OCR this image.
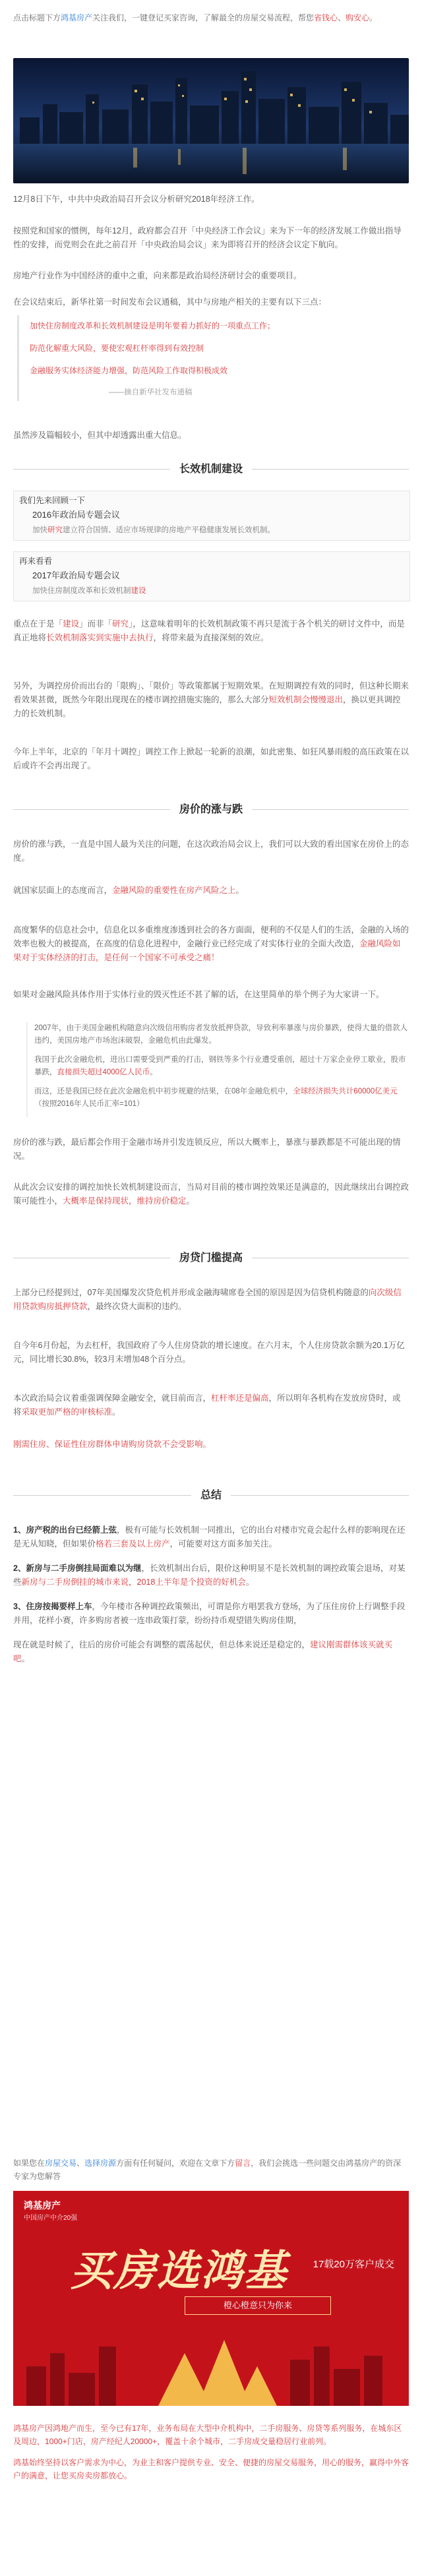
点击标题下方鸿基房产关注我们，一键登记买家咨询，了解最全的房屋交易流程，帮您省钱心、购安心。
12月8日下午，中共中央政治局召开会议分析研究2018年经济工作。
按照党和国家的惯例，每年12月，政府都会召开「中央经济工作会议」来为下一年的经济发展工作做出指导性的安排，而党则会在此之前召开「中央政治局会议」来为即将召开的经济会议定下航向。
房地产行业作为中国经济的重中之重，向来都是政治局经济研讨会的重要项目。
在会议结束后，新华社第一时间发布会议通稿，其中与房地产相关的主要有以下三点：

加快住房制度改革和长效机制建设是明年要着力抓好的一项重点工作；

防范化解重大风险，要使宏观杠杆率得到有效控制

金融服务实体经济能力增强，防范风险工作取得积极成效

——摘自新华社发布通稿
虽然涉及篇幅较小，但其中却透露出重大信息。
长效机制建设
我们先来回顾一下
2016年政治局专题会议
加快研究建立符合国情、适应市场规律的房地产平稳健康发展长效机制。
再来看看
2017年政治局专题会议
加快住房制度改革和长效机制建设
重点在于是「建设」而非「研究」，这意味着明年的长效机制政策不再只是流于各个机关的研讨文件中，而是真正地将长效机制落实到实施中去执行，将带来最为直接深刻的效应。
另外，为调控房价而出台的「限购」、「限价」等政策都属于短期效果。在短期调控有效的同时，但这种长期来看效果甚微，既然今年限出现现在的楼市调控措施实施的，那么大部分短效机制会慢慢退出，换以更具调控力的长效机制。
今年上半年，北京的「年月十调控」调控工作上掀起一轮新的浪潮，如此密集、如狂风暴雨般的高压政策在以后或许不会再出现了。
房价的涨与跌
房价的涨与跌，一直是中国人最为关注的问题，在这次政治局会议上，我们可以大致的看出国家在房价上的态度。
就国家层面上的态度而言，金融风险的重要性在房产风险之上。
高度繁华的信息社会中，信息化以多重维度渗透到社会的各方面面，便利的不仅是人们的生活，金融的入场的效率也极大的被提高，在高度的信息化进程中，金融行业已经完成了对实体行业的全面大改造，金融风险如果对于实体经济的打击，是任何一个国家不可承受之痛！
如果对金融风险具体作用于实体行业的毁灭性还不甚了解的话，在这里简单的举个例子为大家讲一下。

2007年，由于美国金融机构随意向次级信用购房者发放抵押贷款，导致利率暴涨与房价暴跌，使得大量的借款人违约，美国房地产市场泡沫破裂，金融危机由此爆发。

我国于此次金融危机，进出口需要受到严重的打击，钢铁等多个行业遭受重创，超过十万家企业停工歇业，股市暴跌，直接损失超过4000亿人民币。

而这，还是我国已经在此次金融危机中初步规避的结果，在08年金融危机中，全球经济损失共计60000亿美元（按照2016年人民币汇率=101）

房价的涨与跌，最后都会作用于金融市场并引发连锁反应，所以大概率上，暴涨与暴跌都是不可能出现的情况。
从此次会议安排的调控加快长效机制建设而言，当局对目前的楼市调控效果还是满意的，因此继续出台调控政策可能性小，大概率是保持现状，维持房价稳定。
房贷门槛提高
上部分已经提到过，07年美国爆发次贷危机并形成金融海啸席卷全国的原因是因为信贷机构随意的向次级信用贷款购房抵押贷款，最终次贷大面积的违约。
自今年6月份起，为去杠杆，我国政府了今人住房贷款的增长速度。在六月末，个人住房贷款余额为20.1万亿元，同比增长30.8%，较3月末增加48个百分点。
本次政治局会议着重强调保障金融安全，就目前而言，杠杆率还是偏高，所以明年各机构在发放房贷时，或将采取更加严格的审核标准。
刚需住房、保证性住房群体申请购房贷款不会受影响。
总结

1、房产税的出台已经箭上弦，极有可能与长效机制一同推出，它的出台对楼市究竟会起什么样的影响现在还是无从知晓，但如果价格若三套及以上房产，可能要对这方面多加关注。

2、新房与二手房倒挂局面难以为继，长效机制出台后，限价这种明显不是长效机制的调控政策会退场，对某些新房与二手房倒挂的城市来说，2018上半年是个投资的好机会。

3、住房按揭要样上车，今年楼市各种调控政策频出，可谓是你方唱罢我方登场，为了压住房价上行调整手段并用，花样小赛，许多购房者被一连串政策打蒙，纷纷持币观望错失购房佳期，

现在就是时候了，往后的房价可能会有调整的震荡起伏，但总体来说还是稳定的，建议刚需群体该买就买吧。

如果您在房屋交易、选择房源方面有任何疑问，欢迎在文章下方留言，我们会挑选一些问题交由鸿基房产的资深专家为您解答
鸿基房产
中国房产中介20强
买房选鸿基	17载20万客户成交
橙心橙意只为你来

鸿基房产因鸿地产而生，至今已有17年，业务布局在大型中介机构中，二手房服务、房贷等系列服务，在城东区及周边，1000+门店，房产经纪人20000+，覆盖十余个城市，二手房成交量稳居行业前列。

鸿基始终坚持以客户需求为中心，为业主和客户提供专业、安全、便捷的房屋交易服务，用心的服务，赢得中外客户的满意，让您买房卖房都放心。
